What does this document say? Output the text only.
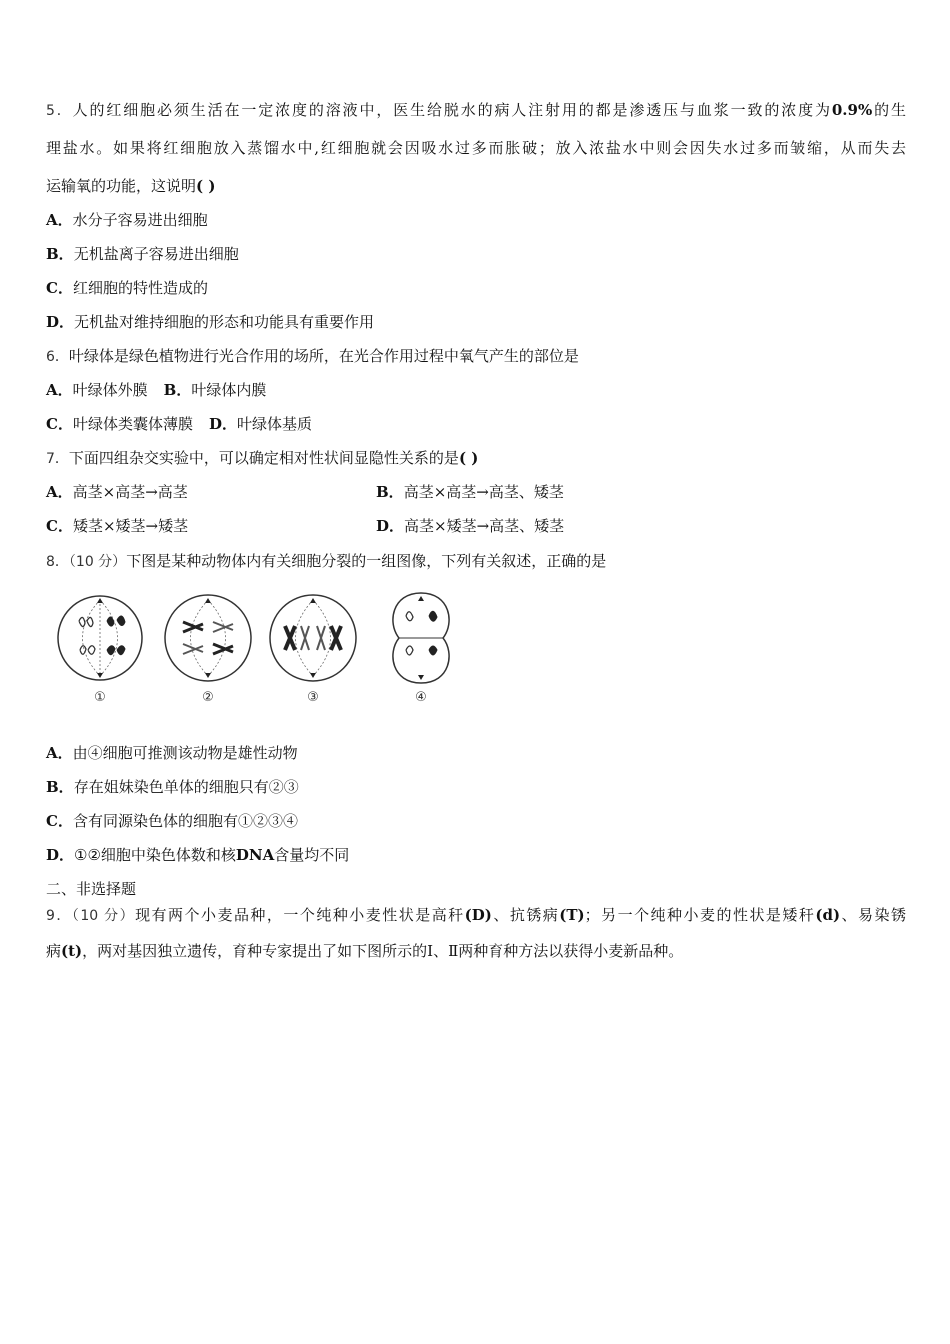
5．人的红细胞必须生活在一定浓度的溶液中，医生给脱水的病人注射用的都是渗透压与血浆一致的浓度为0.9%的生
理盐水。如果将红细胞放入蒸馏水中,红细胞就会因吸水过多而胀破；放入浓盐水中则会因失水过多而皱缩，从而失去
运输氧的功能，这说明( )
A．水分子容易进出细胞
B．无机盐离子容易进出细胞
C．红细胞的特性造成的
D．无机盐对维持细胞的形态和功能具有重要作用
6．叶绿体是绿色植物进行光合作用的场所，在光合作用过程中氧气产生的部位是
A．叶绿体外膜 B．叶绿体内膜
C．叶绿体类囊体薄膜 D．叶绿体基质
7．下面四组杂交实验中，可以确定相对性状间显隐性关系的是( )
A．高茎×高茎→高茎	B．高茎×高茎→高茎、矮茎
C．矮茎×矮茎→矮茎	D．高茎×矮茎→高茎、矮茎
8．（10 分）下图是某种动物体内有关细胞分裂的一组图像，下列有关叙述，正确的是
①	②	③	④
A．由④细胞可推测该动物是雄性动物
B．存在姐妹染色单体的细胞只有②③
C．含有同源染色体的细胞有①②③④
D．①②细胞中染色体数和核DNA含量均不同
二、非选择题
9．（10 分）现有两个小麦品种，一个纯种小麦性状是高秆(D)、抗锈病(T)；另一个纯种小麦的性状是矮秆(d)、易染锈
病(t)，两对基因独立遗传，育种专家提出了如下图所示的Ⅰ、Ⅱ两种育种方法以获得小麦新品种。
